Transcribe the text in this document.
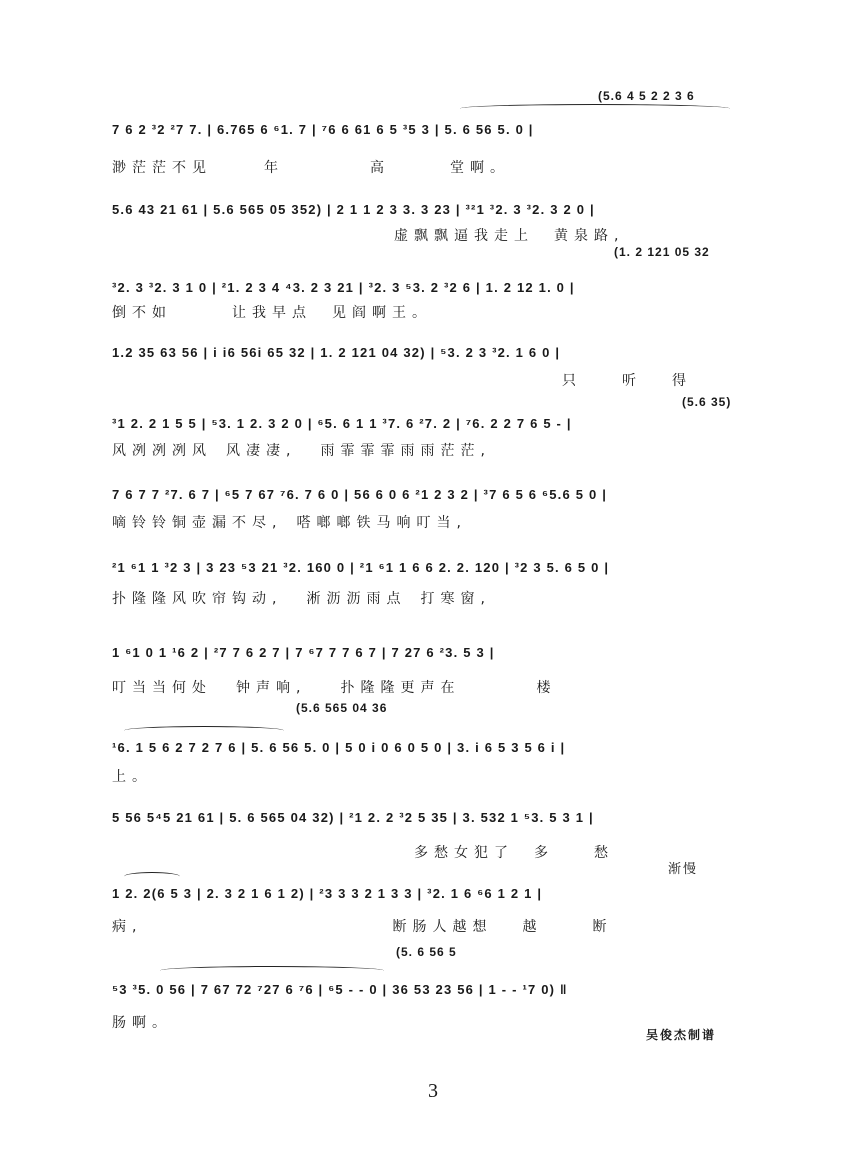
(5.6 4 5 2 2 3 6
7 6 2 ³2 ²7 7. | 6.765 6 ⁶1. 7 | ⁷6 6 61 6 5 ³5 3 | 5. 6 56 5. 0 |
渺茫茫不见	年	高	堂啊。
5.6 43 21 61 | 5.6 565 05 352) | 2 1 1 2 3 3. 3 23 | ³²1 ³2. 3 ³2. 3 2 0 |
虚飘飘逼我走上 黄泉路,
(1. 2 121 05 32
³2. 3 ³2. 3 1 0 | ²1. 2 3 4 ⁴3. 2 3 21 | ³2. 3 ⁵3. 2 ³2 6 | 1. 2 12 1. 0 |
倒不如	让我早点 见阎啊王。
1.2 35 63 56 | i i6 56i 65 32 | 1. 2 121 04 32) | ⁵3. 2 3 ³2. 1 6 0 |
只	听 得
(5.6 35)
³1 2. 2 1 5 5 | ⁵3. 1 2. 3 2 0 | ⁶5. 6 1 1 ³7. 6 ²7. 2 | ⁷6. 2 2 7 6 5 - |
风冽冽冽风 风凄凄, 雨霏霏霏雨雨茫茫,
7 6 7 7 ²7. 6 7 | ⁶5 7 67 ⁷6. 7 6 0 | 56 6 0 6 ²1 2 3 2 | ³7 6 5 6 ⁶5.6 5 0 |
嘀铃铃铜壶漏不尽, 嗒啷啷铁马响叮当,
²1 ⁶1 1 ³2 3 | 3 23 ⁵3 21 ³2. 160 0 | ²1 ⁶1 1 6 6 2. 2. 120 | ³2 3 5. 6 5 0 |
扑隆隆风吹帘钩动, 淅沥沥雨点 打寒窗,
1 ⁶1 0 1 ¹6 2 | ²7 7 6 2 7 | 7 ⁶7 7 7 6 7 | 7 27 6 ²3. 5 3 |
叮当当何处 钟声响, 扑隆隆更声在	楼
(5.6 565 04 36
¹6. 1 5 6 2 7 2 7 6 | 5. 6 56 5. 0 | 5 0 i 0 6 0 5 0 | 3. i 6 5 3 5 6 i |
上。
5 56 5⁴5 21 61 | 5. 6 565 04 32) | ²1 2. 2 ³2 5 35 | 3. 532 1 ⁵3. 5 3 1 |
渐慢
多愁女犯了 多	愁
1 2. 2(6 5 3 | 2. 3 2 1 6 1 2) | ²3 3 3 2 1 3 3 | ³2. 1 6 ⁶6 1 2 1 |
病,	断肠人越想 越	断
(5. 6 56 5
⁵3 ³5. 0 56 | 7 67 72 ⁷27 6 ⁷6 | ⁶5 - - 0 | 36 53 23 56 | 1 - - ¹7 0) ‖
肠啊。
吴俊杰制谱
3
